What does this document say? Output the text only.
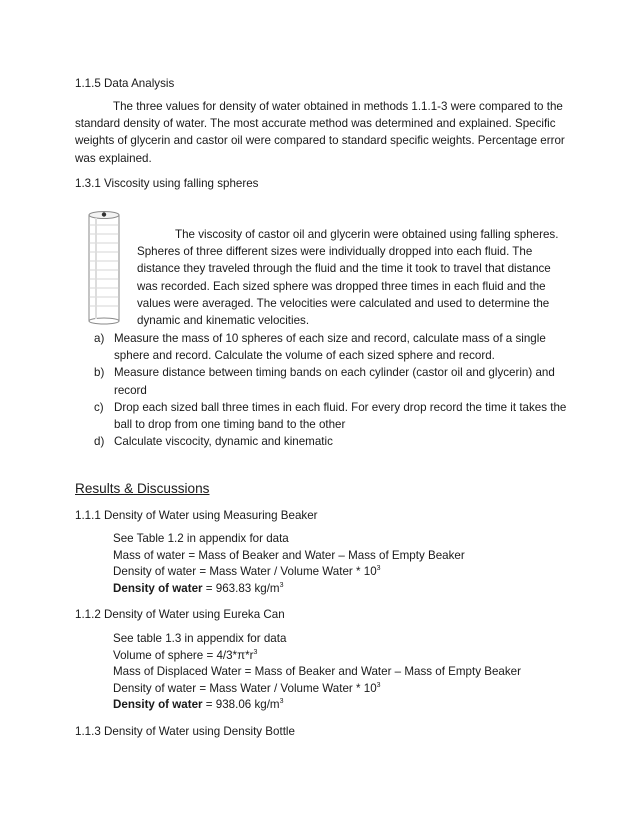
1.1.5 Data Analysis
The three values for density of water obtained in methods 1.1.1-3 were compared to the standard density of water. The most accurate method was determined and explained. Specific weights of glycerin and castor oil were compared to standard specific weights. Percentage error was explained.
1.3.1 Viscosity using falling spheres
The viscosity of castor oil and glycerin were obtained using falling spheres. Spheres of three different sizes were individually dropped into each fluid. The distance they traveled through the fluid and the time it took to travel that distance was recorded. Each sized sphere was dropped three times in each fluid and the values were averaged. The velocities were calculated and used to determine the dynamic and kinematic velocities.
a) Measure the mass of 10 spheres of each size and record, calculate mass of a single sphere and record. Calculate the volume of each sized sphere and record.
b) Measure distance between timing bands on each cylinder (castor oil and glycerin) and record
c) Drop each sized ball three times in each fluid. For every drop record the time it takes the ball to drop from one timing band to the other
d) Calculate viscocity, dynamic and kinematic
Results & Discussions
1.1.1 Density of Water using Measuring Beaker
See Table 1.2 in appendix for data
Mass of water = Mass of Beaker and Water – Mass of Empty Beaker
Density of water = Mass Water / Volume Water * $10^3$
Density of water = 963.83 $kg/m^3$
1.1.2 Density of Water using Eureka Can
See table 1.3 in appendix for data
Volume of sphere = $4/3*\pi*r^3$
Mass of Displaced Water = Mass of Beaker and Water – Mass of Empty Beaker
Density of water = Mass Water / Volume Water * $10^3$
Density of water = 938.06 $kg/m^3$
1.1.3 Density of Water using Density Bottle
